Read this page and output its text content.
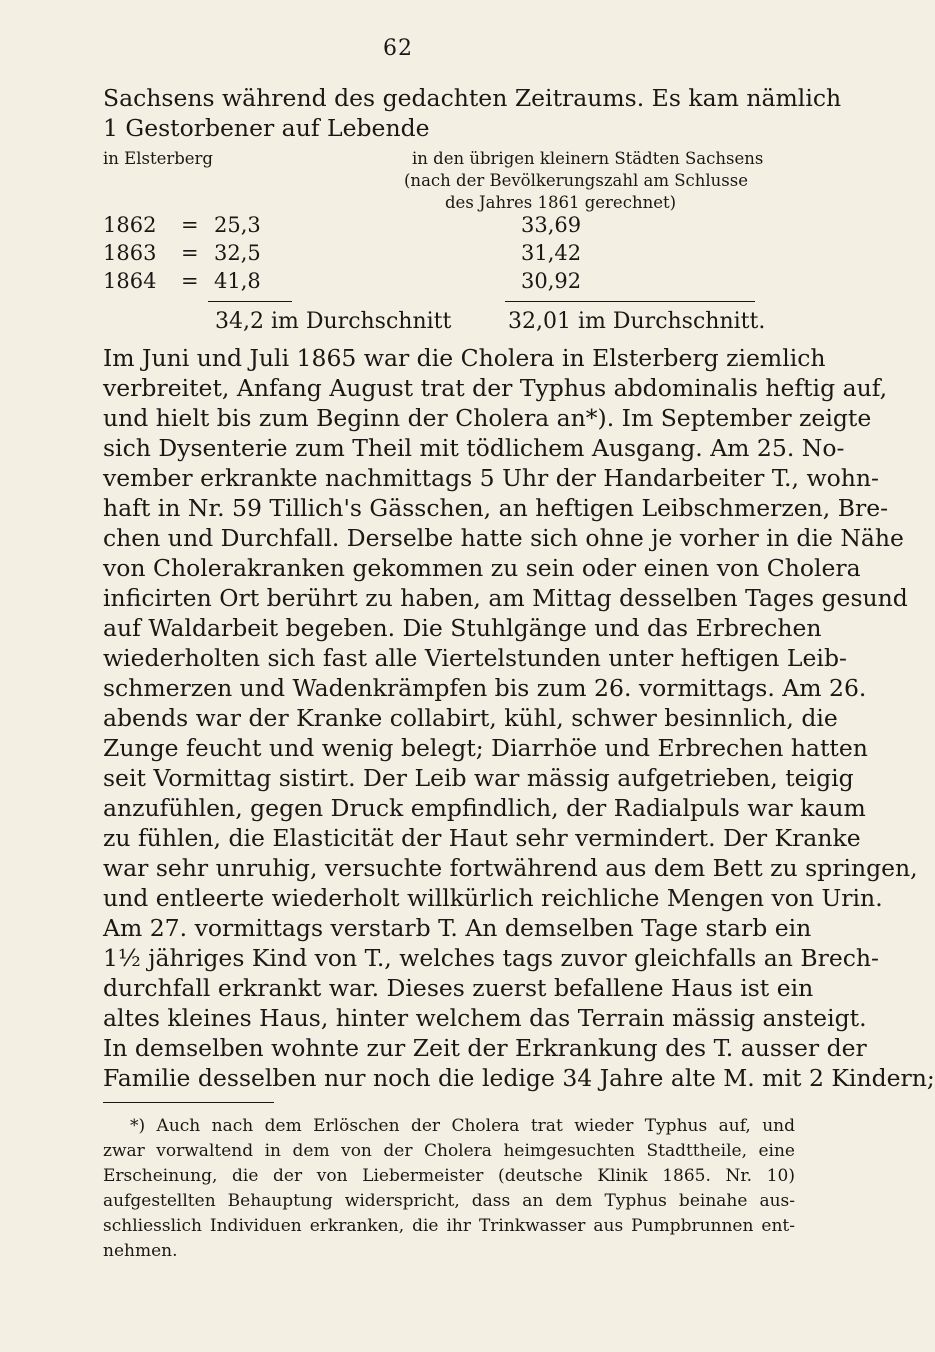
62
Sachsens während des gedachten Zeitraums. Es kam nämlich
1 Gestorbener auf Lebende
in Elsterberg	in den übrigen kleinern Städten Sachsens
(nach der Bevölkerungszahl am Schlusse
des Jahres 1861 gerechnet)
1862 = 25,3	33,69
1863 = 32,5	31,42
1864 = 41,8	30,92
34,2 im Durchschnitt	32,01 im Durchschnitt.
Im Juni und Juli 1865 war die Cholera in Elsterberg ziemlich
verbreitet, Anfang August trat der Typhus abdominalis heftig auf,
und hielt bis zum Beginn der Cholera an*). Im September zeigte
sich Dysenterie zum Theil mit tödlichem Ausgang. Am 25. No-
vember erkrankte nachmittags 5 Uhr der Handarbeiter T., wohn-
haft in Nr. 59 Tillich's Gässchen, an heftigen Leibschmerzen, Bre-
chen und Durchfall. Derselbe hatte sich ohne je vorher in die Nähe
von Cholerakranken gekommen zu sein oder einen von Cholera
inficirten Ort berührt zu haben, am Mittag desselben Tages gesund
auf Waldarbeit begeben. Die Stuhlgänge und das Erbrechen
wiederholten sich fast alle Viertelstunden unter heftigen Leib-
schmerzen und Wadenkrämpfen bis zum 26. vormittags. Am 26.
abends war der Kranke collabirt, kühl, schwer besinnlich, die
Zunge feucht und wenig belegt; Diarrhöe und Erbrechen hatten
seit Vormittag sistirt. Der Leib war mässig aufgetrieben, teigig
anzufühlen, gegen Druck empfindlich, der Radialpuls war kaum
zu fühlen, die Elasticität der Haut sehr vermindert. Der Kranke
war sehr unruhig, versuchte fortwährend aus dem Bett zu springen,
und entleerte wiederholt willkürlich reichliche Mengen von Urin.
Am 27. vormittags verstarb T. An demselben Tage starb ein
1½ jähriges Kind von T., welches tags zuvor gleichfalls an Brech-
durchfall erkrankt war. Dieses zuerst befallene Haus ist ein
altes kleines Haus, hinter welchem das Terrain mässig ansteigt.
In demselben wohnte zur Zeit der Erkrankung des T. ausser der
Familie desselben nur noch die ledige 34 Jahre alte M. mit 2 Kindern;
*) Auch nach dem Erlöschen der Cholera trat wieder Typhus auf, und
zwar vorwaltend in dem von der Cholera heimgesuchten Stadttheile, eine
Erscheinung, die der von Liebermeister (deutsche Klinik 1865. Nr. 10)
aufgestellten Behauptung widerspricht, dass an dem Typhus beinahe aus-
schliesslich Individuen erkranken, die ihr Trinkwasser aus Pumpbrunnen ent-
nehmen.
